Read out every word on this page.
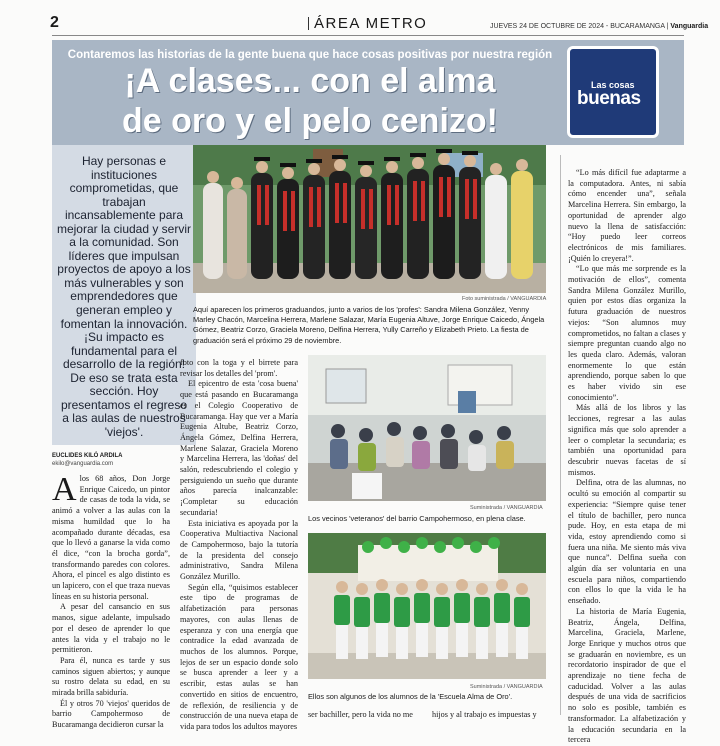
2	ÁREA METRO	JUEVES 24 DE OCTUBRE DE 2024 - BUCARAMANGA | Vanguardia
Contaremos las historias de la gente buena que hace cosas positivas por nuestra región
¡A clases... con el alma
de oro y el pelo cenizo!
Las cosas
buenas
Hay personas e instituciones comprometidas, que trabajan incansablemente para mejorar la ciudad y servir a la comunidad. Son líderes que impulsan proyectos de apoyo a los más vulnerables y son emprendedores que generan empleo y fomentan la innovación. ¡Su impacto es fundamental para el desarrollo de la región! De eso se trata esta sección. Hoy presentamos el regreso a las aulas de nuestros 'viejos'.
EUCLIDES KILÓ ARDILA
ekilo@vanguardia.com

Alos 68 años, Don Jorge Enrique Caicedo, un pintor de casas de toda la vida, se animó a volver a las aulas con la misma humildad que lo ha acompañado durante décadas, esa que lo llevó a ganarse la vida como él dice, “con la brocha gorda”, transformando paredes con colores. Ahora, el pincel es algo distinto es un lapicero, con el que traza nuevas líneas en su historia personal.

A pesar del cansancio en sus manos, sigue adelante, impulsado por el deseo de aprender lo que antes la vida y el trabajo no le permitieron.

Para él, nunca es tarde y sus caminos siguen abiertos; y aunque su rostro delata su edad, en su mirada brilla sabiduría.

Él y otros 70 'viejos' queridos de barrio Campohermoso de Bucaramanga decidieron cursar la

Foto suministrada / VANGUARDIA
Aquí aparecen los primeros graduandos, junto a varios de los 'profes': Sandra Milena González, Yenny Marley Chacón, Marcelina Herrera, Marlene Salazar, María Eugenia Altuve, Jorge Enrique Caicedo, Ángela Gómez, Beatriz Corzo, Graciela Moreno, Delfina Herrera, Yully Carreño y Elizabeth Prieto. La fiesta de graduación será el próximo 29 de noviembre.

foto con la toga y el birrete para revisar los detalles del 'prom'.

El epicentro de esta 'cosa buena' que está pasando en Bucaramanga es el Colegio Cooperativo de Bucaramanga. Hay que ver a María Eugenia Altube, Beatriz Corzo, Ángela Gómez, Delfina Herrera, Marlene Salazar, Graciela Moreno y Marcelina Herrera, las 'doñas' del salón, redescubriendo el colegio y persiguiendo un sueño que durante años parecía inalcanzable: ¡Completar su educación secundaria!

Esta iniciativa es apoyada por la Cooperativa Multiactiva Nacional de Campohermoso, bajo la tutoría de la presidenta del consejo administrativo, Sandra Milena González Murillo.

Según ella, “quisimos establecer este tipo de programas de alfabetización para personas mayores, con aulas llenas de esperanza y con una energía que contradice la edad avanzada de muchos de los alumnos. Porque, lejos de ser un espacio donde solo se busca aprender a leer y a escribir, estas aulas se han convertido en sitios de encuentro, de reflexión, de resiliencia y de construcción de una nueva etapa de vida para todos los adultos mayores

Suministrada / VANGUARDIA
Los vecinos 'veteranos' del barrio Campohermoso, en plena clase.
Suministrada / VANGUARDIA
Ellos son algunos de los alumnos de la 'Escuela Alma de Oro'.
ser bachiller, pero la vida no me	hijos y al trabajo es impuestas y

“Lo más difícil fue adaptarme a la computadora. Antes, ni sabía cómo encender una”, señala Marcelina Herrera. Sin embargo, la oportunidad de aprender algo nuevo la llena de satisfacción: “Hoy puedo leer correos electrónicos de mis familiares. ¡Quién lo creyera!”.

“Lo que más me sorprende es la motivación de ellos”, comenta Sandra Milena González Murillo, quien por estos días organiza la futura graduación de nuestros viejos: “Son alumnos muy comprometidos, no faltan a clases y siempre preguntan cuando algo no les queda claro. Además, valoran enormemente lo que están aprendiendo, porque saben lo que es haber vivido sin ese conocimiento”.

Más allá de los libros y las lecciones, regresar a las aulas significa más que solo aprender a leer o completar la secundaria; es también una oportunidad para descubrir nuevas facetas de sí mismos.

Delfina, otra de las alumnas, no ocultó su emoción al compartir su experiencia: “Siempre quise tener el título de bachiller, pero nunca pude. Hoy, en esta etapa de mi vida, estoy aprendiendo como si fuera una niña. Me siento más viva que nunca”. Delfina sueña con algún día ser voluntaria en una escuela para niños, compartiendo con ellos lo que la vida le ha enseñado.

La historia de María Eugenia, Beatriz, Ángela, Delfina, Marcelina, Graciela, Marlene, Jorge Enrique y muchos otros que se graduarán en noviembre, es un recordatorio inspirador de que el aprendizaje no tiene fecha de caducidad. Volver a las aulas después de una vida de sacrificios no solo es posible, también es transformador. La alfabetización y la educación secundaria en la tercera
